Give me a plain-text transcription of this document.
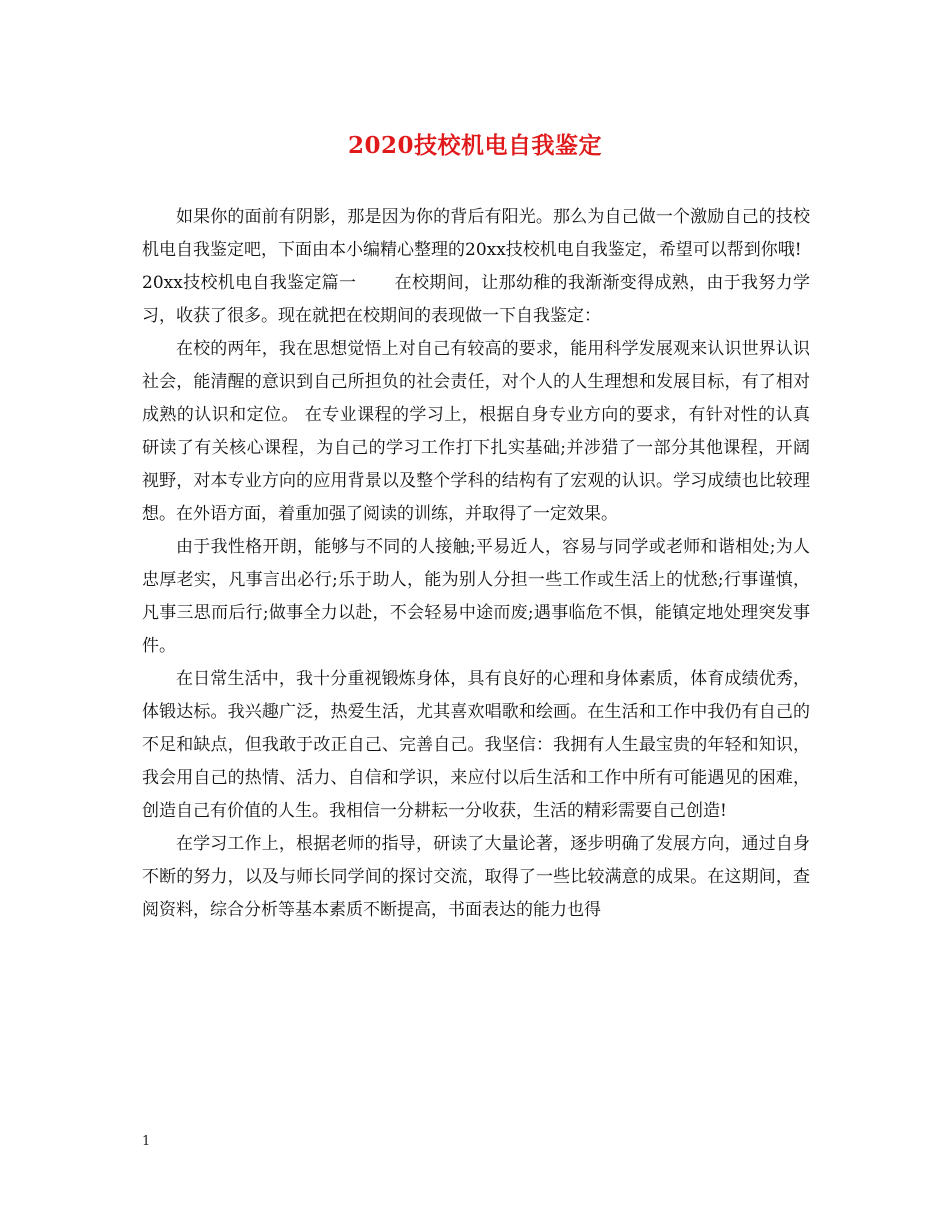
2020技校机电自我鉴定

如果你的面前有阴影，那是因为你的背后有阳光。那么为自己做一个激励自己的技校机电自我鉴定吧，下面由本小编精心整理的20xx技校机电自我鉴定，希望可以帮到你哦!

20xx技校机电自我鉴定篇一 在校期间，让那幼稚的我渐渐变得成熟，由于我努力学习，收获了很多。现在就把在校期间的表现做一下自我鉴定：

在校的两年，我在思想觉悟上对自己有较高的要求，能用科学发展观来认识世界认识社会，能清醒的意识到自己所担负的社会责任，对个人的人生理想和发展目标，有了相对成熟的认识和定位。 在专业课程的学习上，根据自身专业方向的要求，有针对性的认真研读了有关核心课程，为自己的学习工作打下扎实基础;并涉猎了一部分其他课程，开阔视野，对本专业方向的应用背景以及整个学科的结构有了宏观的认识。学习成绩也比较理想。在外语方面，着重加强了阅读的训练，并取得了一定效果。

由于我性格开朗，能够与不同的人接触;平易近人，容易与同学或老师和谐相处;为人忠厚老实，凡事言出必行;乐于助人，能为别人分担一些工作或生活上的忧愁;行事谨慎，凡事三思而后行;做事全力以赴，不会轻易中途而废;遇事临危不惧，能镇定地处理突发事件。

在日常生活中，我十分重视锻炼身体，具有良好的心理和身体素质，体育成绩优秀，体锻达标。我兴趣广泛，热爱生活，尤其喜欢唱歌和绘画。在生活和工作中我仍有自己的不足和缺点，但我敢于改正自己、完善自己。我坚信：我拥有人生最宝贵的年轻和知识，我会用自己的热情、活力、自信和学识，来应付以后生活和工作中所有可能遇见的困难，创造自己有价值的人生。我相信一分耕耘一分收获，生活的精彩需要自己创造!

在学习工作上，根据老师的指导，研读了大量论著，逐步明确了发展方向，通过自身不断的努力，以及与师长同学间的探讨交流，取得了一些比较满意的成果。在这期间，查阅资料，综合分析等基本素质不断提高，书面表达的能力也得

1
